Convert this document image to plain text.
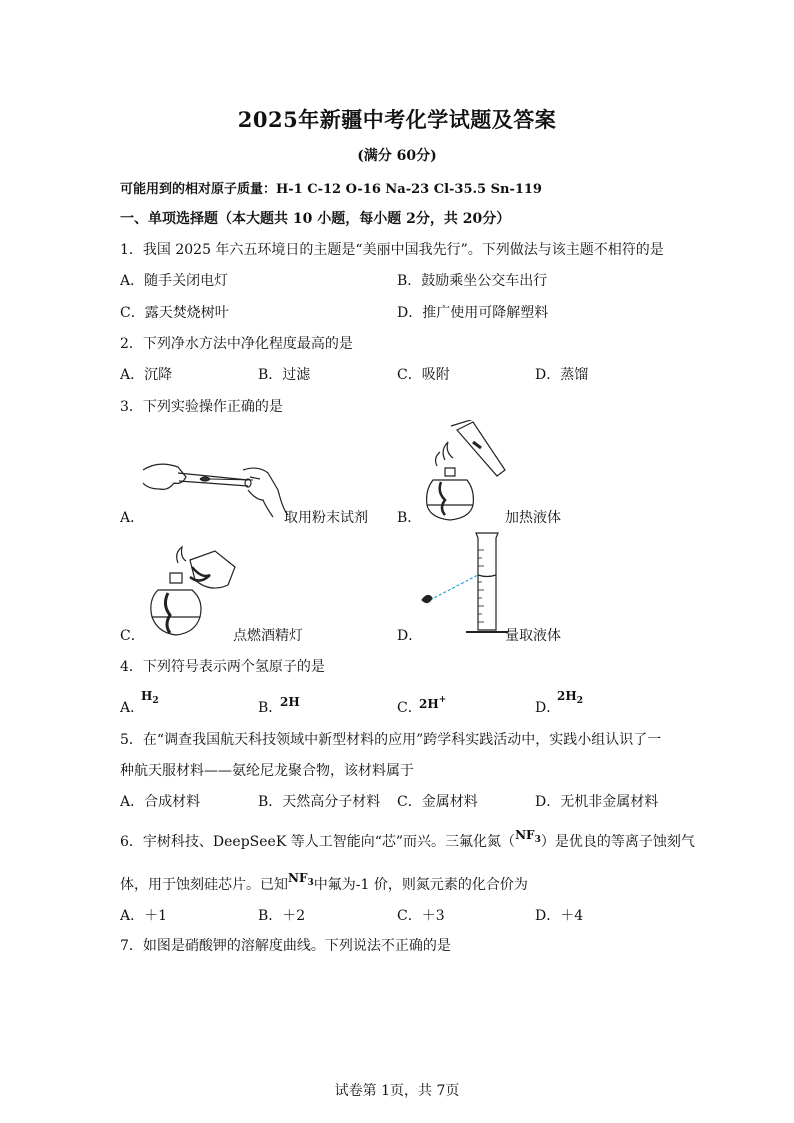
2025年新疆中考化学试题及答案
(满分 60分)
可能用到的相对原子质量：H-1 C-12 O-16 Na-23 Cl-35.5 Sn-119
一、单项选择题（本大题共 10 小题，每小题 2分，共 20分）
1．我国 2025 年六五环境日的主题是“美丽中国我先行”。下列做法与该主题不相符的是
A．随手关闭电灯	B．鼓励乘坐公交车出行
C．露天焚烧树叶	D．推广使用可降解塑料
2．下列净水方法中净化程度最高的是
A．沉降	B．过滤	C．吸附	D．蒸馏
3．下列实验操作正确的是
A．	取用粉末试剂 B．	加热液体
C．	点燃酒精灯	D．	量取液体
4．下列符号表示两个氢原子的是
A．
$H_2$	B．
2H	C．
2H+	D．
$2H_2$
5．在“调查我国航天科技领域中新型材料的应用”跨学科实践活动中，实践小组认识了一
种航天服材料——氨纶尼龙聚合物，该材料属于
A．合成材料	B．天然高分子材料 C．金属材料	D．无机非金属材料
6．宇树科技、DeepSeeK 等人工智能向“芯”而兴。三氟化氮$(NF_3)$是优良的等离子蚀刻气
体，用于蚀刻硅芯片。已知$NF_3$中氟为-1 价，则氮元素的化合价为
A．＋1	B．＋2	C．＋3	D．＋4
7．如图是硝酸钾的溶解度曲线。下列说法不正确的是
试卷第 1页，共 7页
